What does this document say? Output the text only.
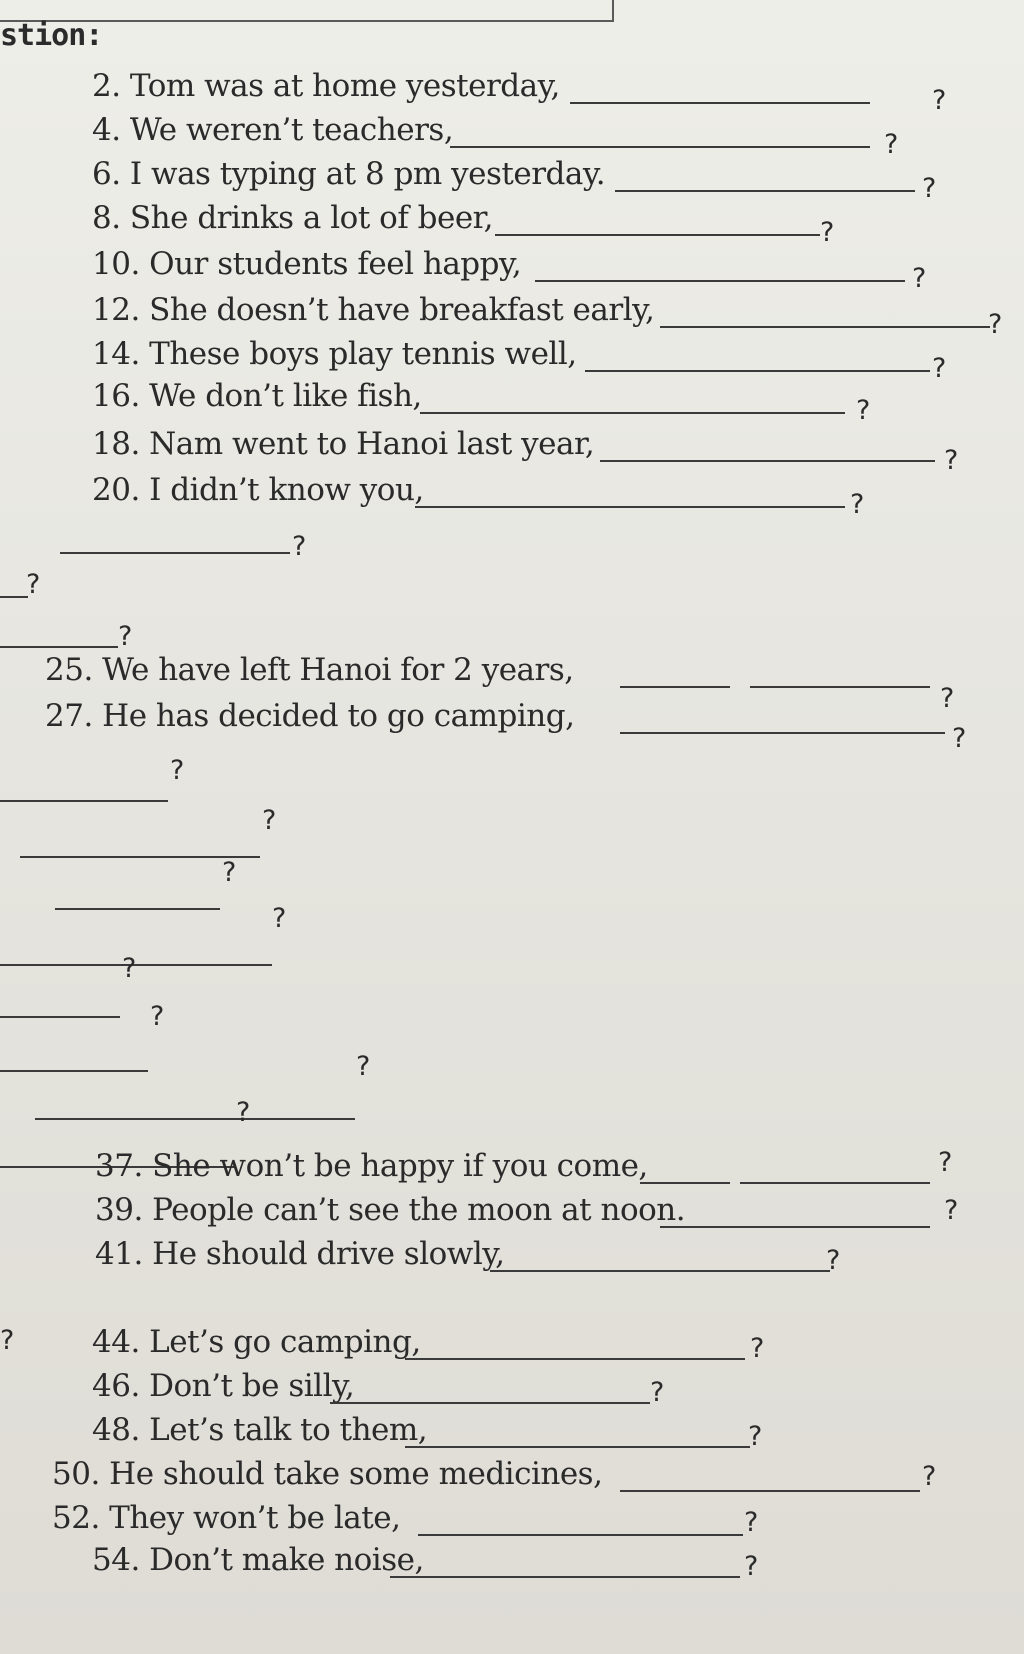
stion:
2. Tom was at home yesterday,	?
4. We weren’t teachers,	?
6. I was typing at 8 pm yesterday.	?
8. She drinks a lot of beer,	?
10. Our students feel happy,	?
12. She doesn’t have breakfast early,	?
14. These boys play tennis well,	?
16. We don’t like fish,	?
18. Nam went to Hanoi last year,	?
20. I didn’t know you,	?
?
?
?
25. We have left Hanoi for 2 years,
?
27. He has decided to go camping,
?
?
?
?
?
?
?
?
?
37. She won’t be happy if you come,	?
39. People can’t see the moon at noon.	?
41. He should drive slowly,	?
44. Let’s go camping,	?
?
46. Don’t be silly,	?
48. Let’s talk to them,	?
50. He should take some medicines,	?
52. They won’t be late,	?
54. Don’t make noise,	?
